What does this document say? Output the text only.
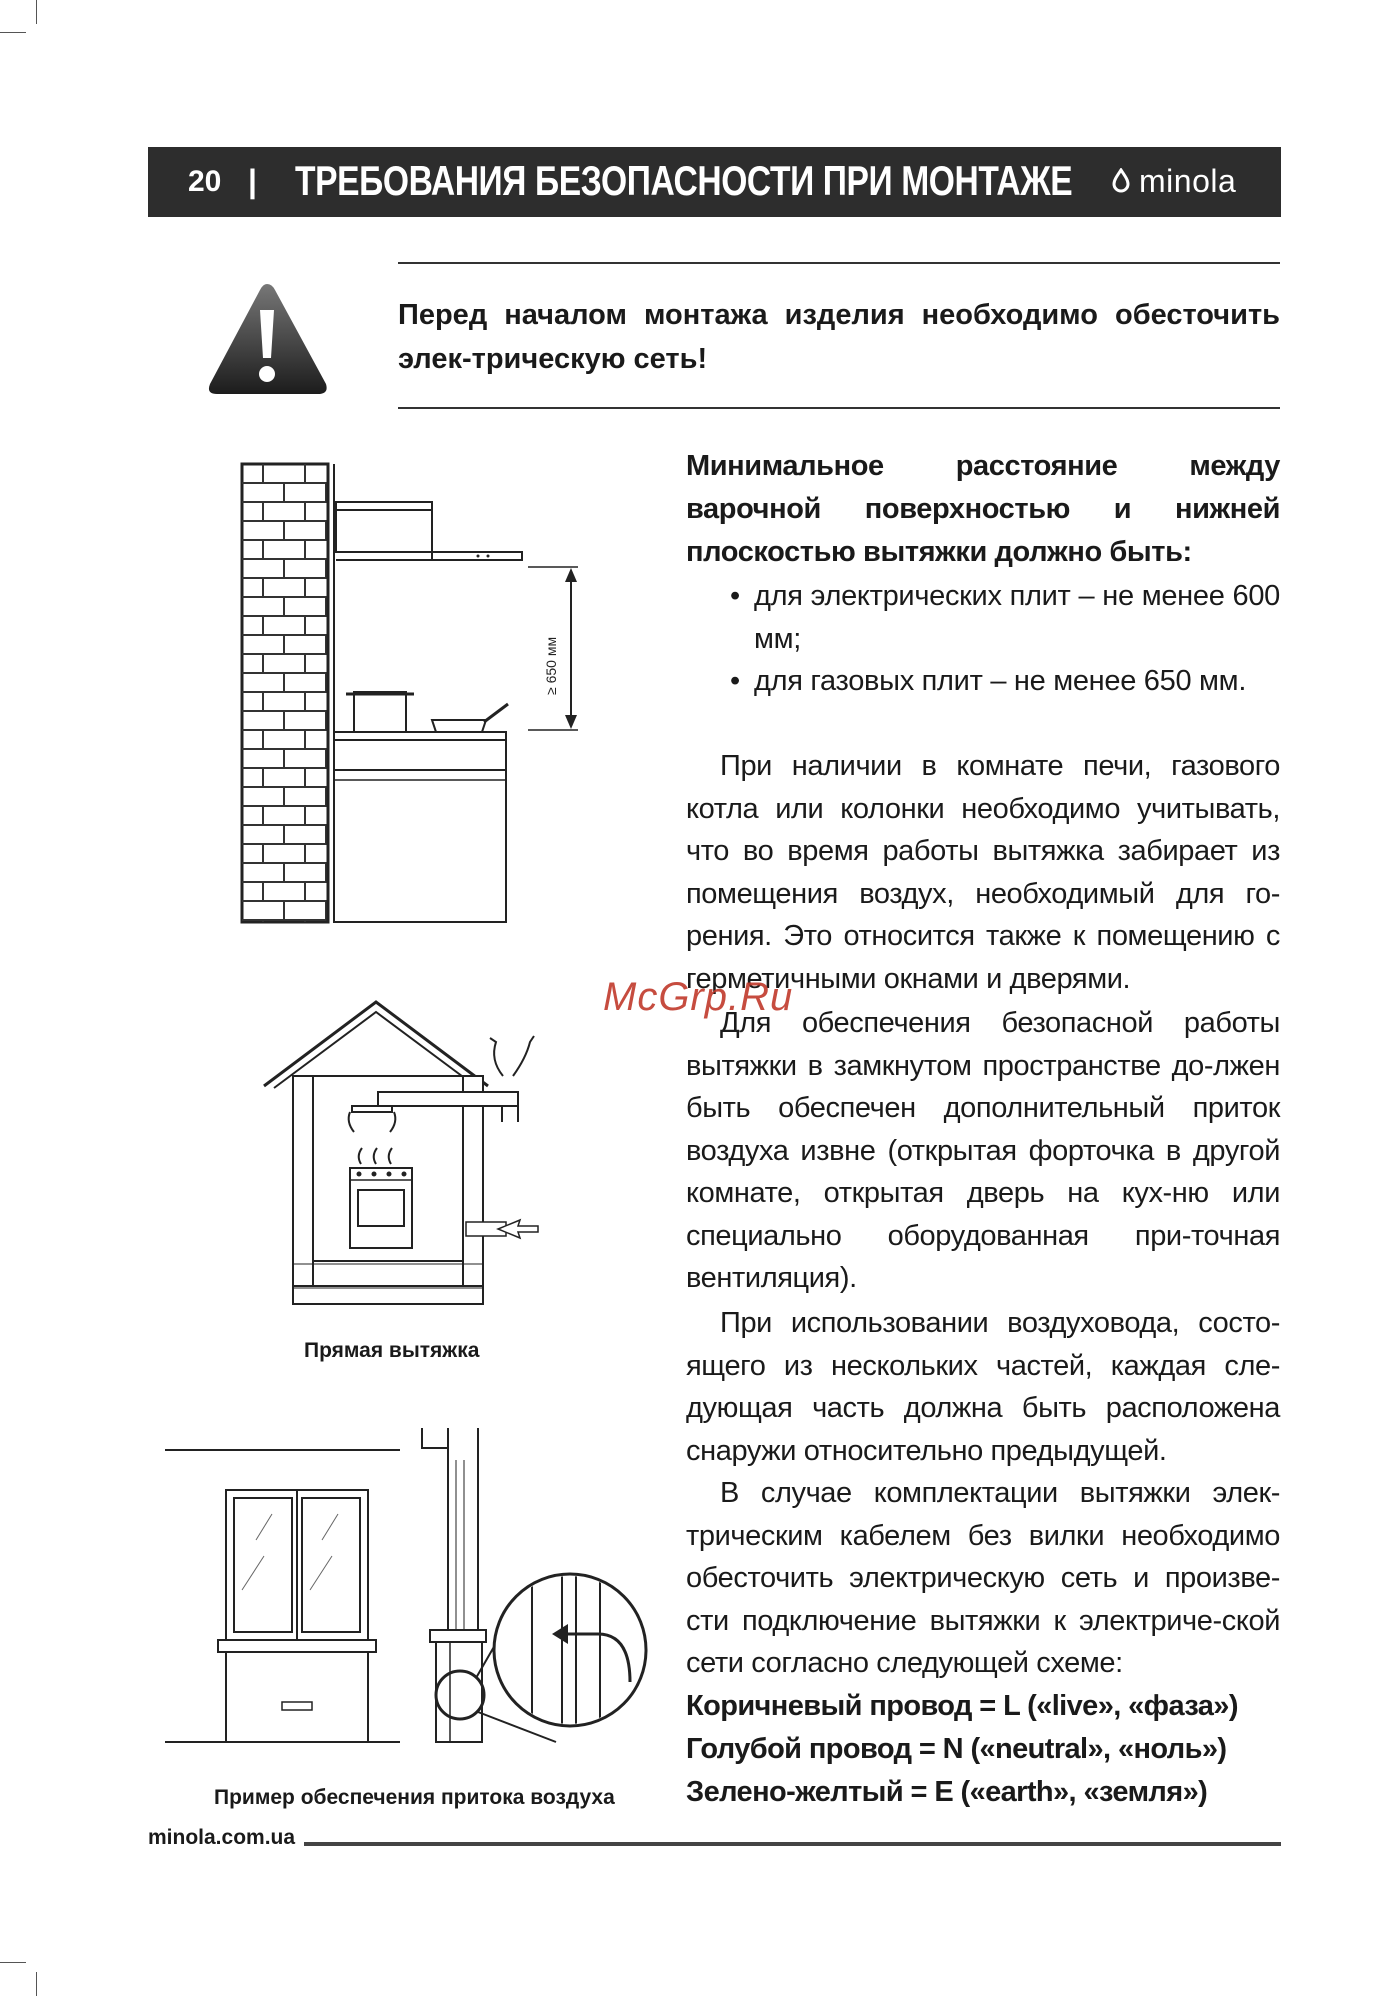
20 | ТРЕБОВАНИЯ БЕЗОПАСНОСТИ ПРИ МОНТАЖЕ minola
Перед началом монтажа изделия необходимо обесточить элек-трическую сеть!
≥ 650 мм
Прямая вытяжка
Пример обеспечения притока воздуха
Минимальное расстояние между варочной поверхностью и нижней плоскостью вытяжки должно быть:
• для электрических плит – не менее 600 мм;
• для газовых плит – не менее 650 мм.
При наличии в комнате печи, газового котла или колонки необходимо учитывать, что во время работы вытяжка забирает из помещения воздух, необходимый для го-рения. Это относится также к помещению с герметичными окнами и дверями.
Для обеспечения безопасной работы вытяжки в замкнутом пространстве до-лжен быть обеспечен дополнительный приток воздуха извне (открытая форточка в другой комнате, открытая дверь на кух-ню или специально оборудованная при-точная вентиляция).
При использовании воздуховода, состо-ящего из нескольких частей, каждая сле-дующая часть должна быть расположена снаружи относительно предыдущей.
В случае комплектации вытяжки элек-трическим кабелем без вилки необходимо обесточить электрическую сеть и произве-сти подключение вытяжки к электриче-ской сети согласно следующей схеме:
Коричневый провод = L («live», «фаза»)
Голубой провод = N («neutral», «ноль»)
Зелено-желтый = E («earth», «земля»)
McGrp.Ru
minola.com.ua
